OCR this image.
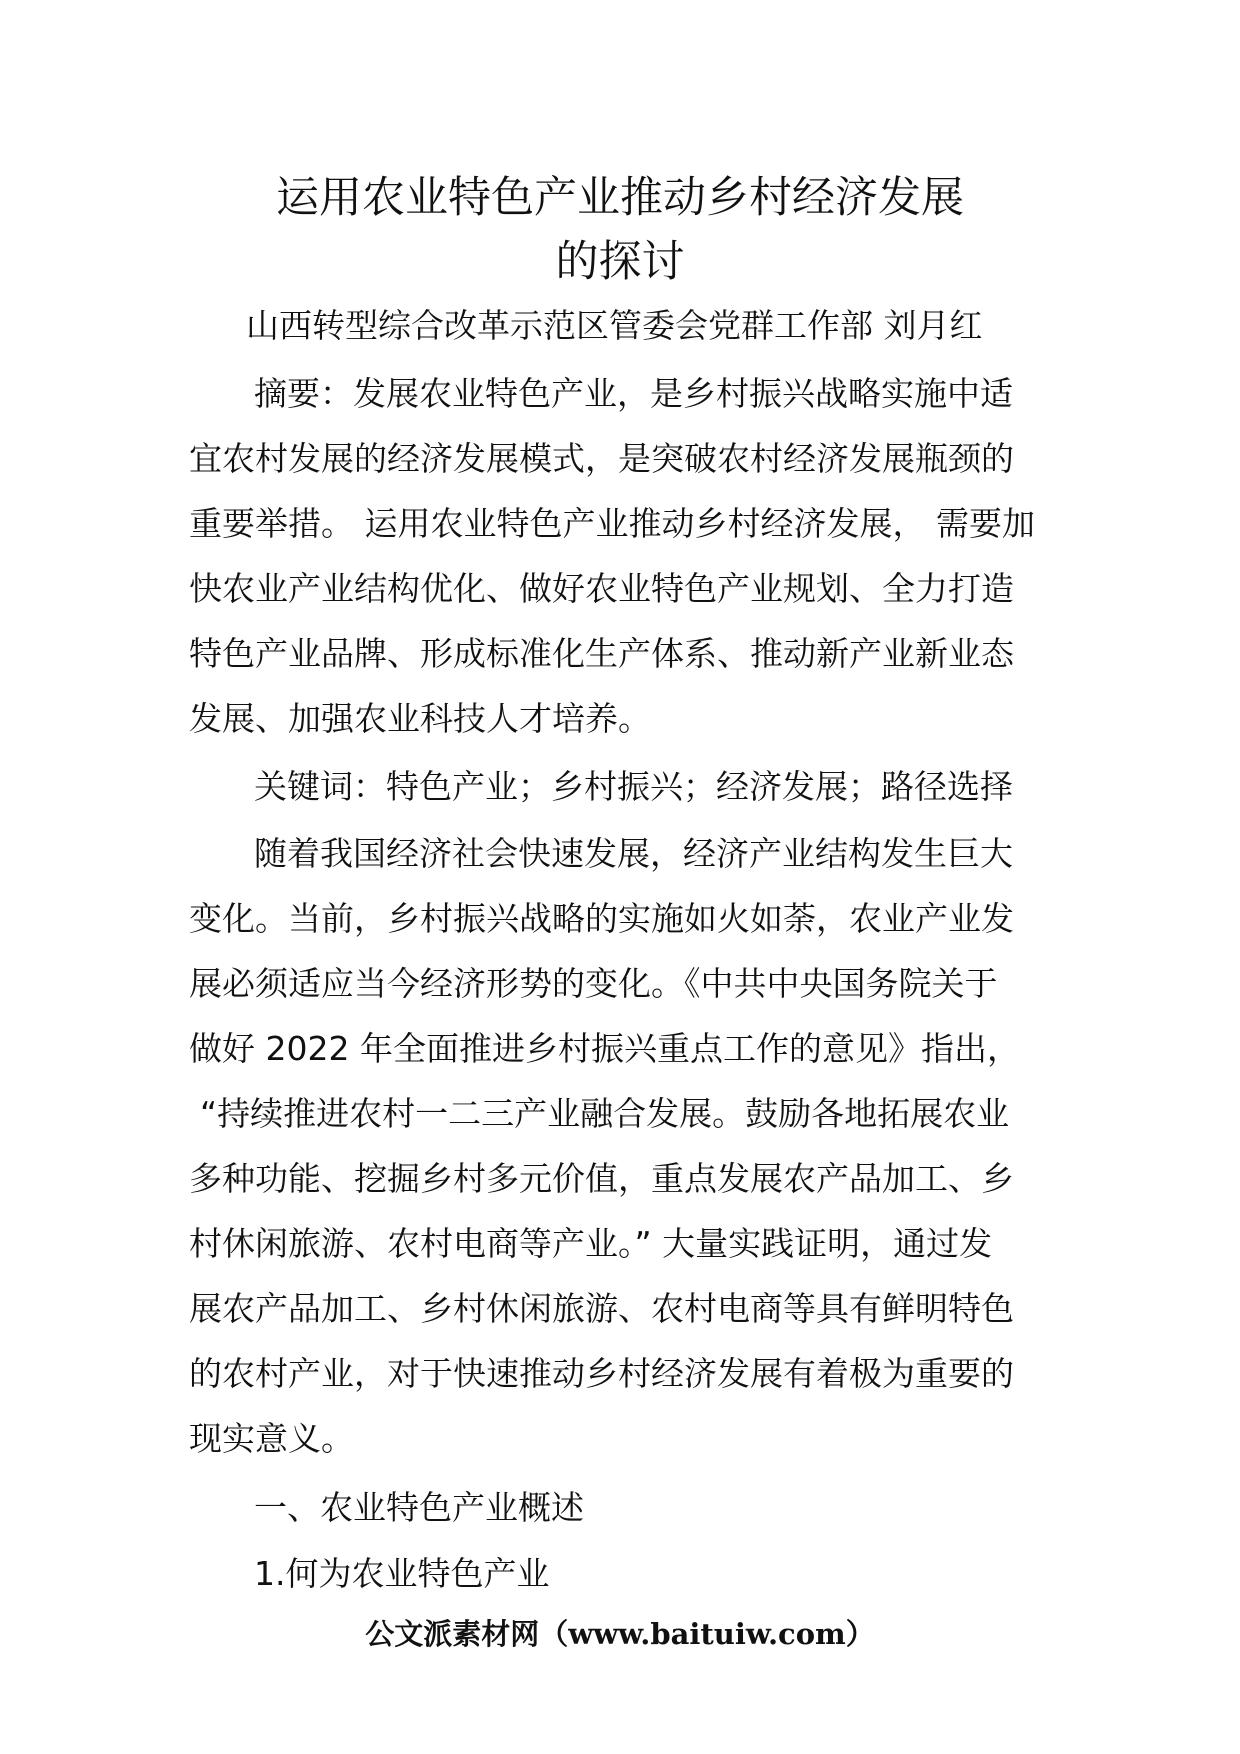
运用农业特色产业推动乡村经济发展
的探讨

山西转型综合改革示范区管委会党群工作部 刘月红

摘要：发展农业特色产业，是乡村振兴战略实施中适

宜农村发展的经济发展模式，是突破农村经济发展瓶颈的

重要举措。 运用农业特色产业推动乡村经济发展， 需要加

快农业产业结构优化、做好农业特色产业规划、全力打造

特色产业品牌、形成标准化生产体系、推动新产业新业态

发展、加强农业科技人才培养。

关键词：特色产业；乡村振兴；经济发展；路径选择

随着我国经济社会快速发展，经济产业结构发生巨大

变化。当前，乡村振兴战略的实施如火如荼，农业产业发

展必须适应当今经济形势的变化。《中共中央国务院关于

做好 2022 年全面推进乡村振兴重点工作的意见》指出，

“持续推进农村一二三产业融合发展。鼓励各地拓展农业

多种功能、挖掘乡村多元价值，重点发展农产品加工、乡

村休闲旅游、农村电商等产业。” 大量实践证明，通过发

展农产品加工、乡村休闲旅游、农村电商等具有鲜明特色

的农村产业，对于快速推动乡村经济发展有着极为重要的

现实意义。

一、农业特色产业概述

1.何为农业特色产业

公文派素材网（www.baituiw.com）
